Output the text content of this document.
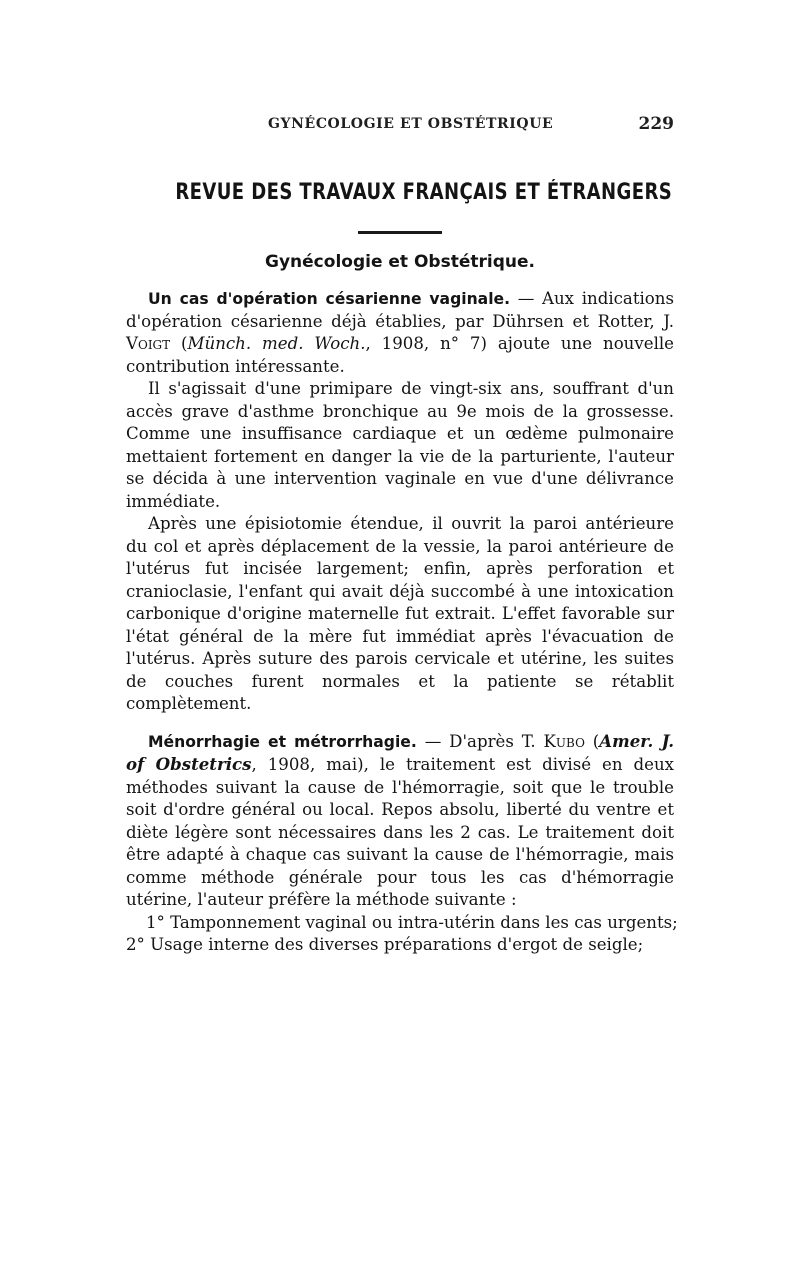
GYNÉCOLOGIE ET OBSTÉTRIQUE	229
REVUE DES TRAVAUX FRANÇAIS ET ÉTRANGERS
Gynécologie et Obstétrique.

Un cas d'opération césarienne vaginale. — Aux indications d'opération césarienne déjà établies, par Dührsen et Rotter, J. Voigt (Münch. med. Woch., 1908, n° 7) ajoute une nouvelle contribution intéressante.

Il s'agissait d'une primipare de vingt-six ans, souffrant d'un accès grave d'asthme bronchique au 9e mois de la grossesse. Comme une insuffisance cardiaque et un œdème pulmonaire mettaient fortement en danger la vie de la parturiente, l'auteur se décida à une intervention vaginale en vue d'une délivrance immédiate.

Après une épisiotomie étendue, il ouvrit la paroi antérieure du col et après déplacement de la vessie, la paroi antérieure de l'utérus fut incisée largement; enfin, après perforation et cranioclasie, l'enfant qui avait déjà succombé à une intoxication carbonique d'origine maternelle fut extrait. L'effet favorable sur l'état général de la mère fut immédiat après l'évacuation de l'utérus. Après suture des parois cervicale et utérine, les suites de couches furent normales et la patiente se rétablit complètement.

Ménorrhagie et métrorrhagie. — D'après T. Kubo (Amer. J. of Obstetrics, 1908, mai), le traitement est divisé en deux méthodes suivant la cause de l'hémorragie, soit que le trouble soit d'ordre général ou local. Repos absolu, liberté du ventre et diète légère sont nécessaires dans les 2 cas. Le traitement doit être adapté à chaque cas suivant la cause de l'hémorragie, mais comme méthode générale pour tous les cas d'hémorragie utérine, l'auteur préfère la méthode suivante :

1° Tamponnement vaginal ou intra-utérin dans les cas urgents;

2° Usage interne des diverses préparations d'ergot de seigle;
